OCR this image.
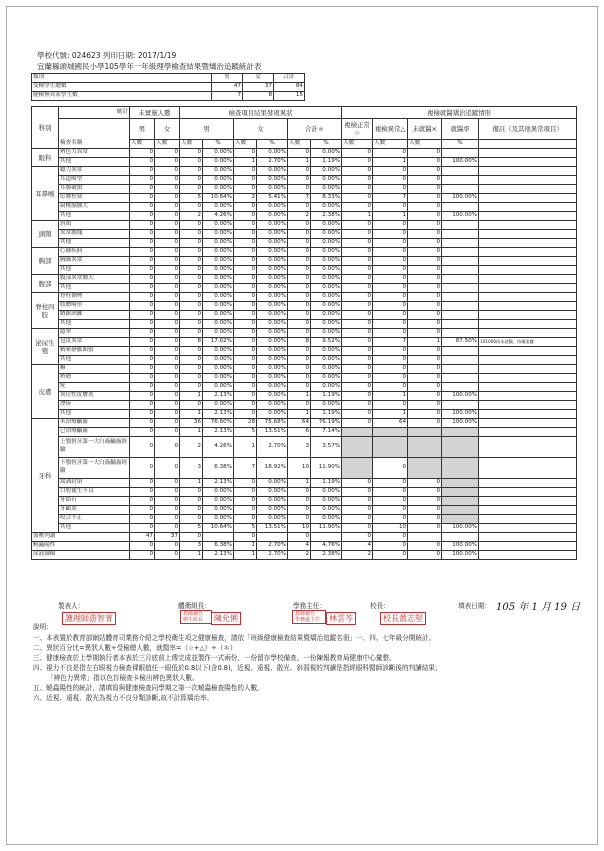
學校代號: 024623 列印日期: 2017/1/19
宜蘭縣頭城國民小學105學年一年級理學檢查結果暨矯治追蹤統計表
類別	男	女	合計
受檢學生總數	47	37	84
健檢無異狀學生數	7	8	15
科別	統計	未實施人數		檢查項目結果發現異狀						複檢就醫矯治追蹤情形				
	檢查名稱	男	女	男		女		合計＊		複檢正常☆	複檢異常△	未就醫×	就醫率	備註（及其他異常項目）
		人數	人數	人數	%	人數	%	人數	%	人數	人數	人數	%	
眼科	辨色力異常	0	0	0	0.00%	0	0.00%	0	0.00%	0	0	0		
	其他	0	0	0	0.00%	1	2.70%	1	1.19%	0	1	0	100.00%	
耳鼻喉	聽力異常	0	0	0	0.00%	0	0.00%	0	0.00%	0	0	0		
	耳道畸型	0	0	0	0.00%	0	0.00%	0	0.00%	0	0	0		
	耳膜破損	0	0	0	0.00%	0	0.00%	0	0.00%	0	0	0		
	耵聹栓塞	0	0	5	10.64%	2	5.41%	7	8.33%	0	7	0	100.00%	
	扁桃腺腫大	0	0	0	0.00%	0	0.00%	0	0.00%	0	0	0		
	其他	0	0	2	4.26%	0	0.00%	2	2.38%	1	1	0	100.00%	
頭頸	斜頸	0	0	0	0.00%	0	0.00%	0	0.00%	0	0	0		
	異常腫塊	0	0	0	0.00%	0	0.00%	0	0.00%	0	0	0		
	其他	0	0	0	0.00%	0	0.00%	0	0.00%	0	0	0		
胸部	心肺疾病	0	0	0	0.00%	0	0.00%	0	0.00%	0	0	0		
	胸廓異常	0	0	0	0.00%	0	0.00%	0	0.00%	0	0	0		
	其他	0	0	0	0.00%	0	0.00%	0	0.00%	0	0	0		
腹部	腹部異常腫大	0	0	0	0.00%	0	0.00%	0	0.00%	0	0	0		
	其他	0	0	0	0.00%	0	0.00%	0	0.00%	0	0	0		
脊柱四肢	脊柱側彎	0	0	0	0.00%	0	0.00%	0	0.00%	0	0	0		
	肢體畸形	0	0	0	0.00%	0	0.00%	0	0.00%	0	0	0		
	蹲踞困難	0	0	0	0.00%	0	0.00%	0	0.00%	0	0	0		
	其他	0	0	0	0.00%	0	0.00%	0	0.00%	0	0	0		
泌尿生殖	隱睪	0	0	0	0.00%	0	0.00%	0	0.00%	0	0	0		
	包皮異常	0	0	8	17.02%	0	0.00%	8	9.52%	0	7	1	87.50%	101006同未就醫，持續追蹤
	精索靜脈曲張	0	0	0	0.00%	0	0.00%	0	0.00%	0	0	0		
	其他	0	0	0	0.00%	0	0.00%	0	0.00%	0	0	0		
皮膚	癬	0	0	0	0.00%	0	0.00%	0	0.00%	0	0	0		
	疥瘡	0	0	0	0.00%	0	0.00%	0	0.00%	0	0	0		
	疣	0	0	0	0.00%	0	0.00%	0	0.00%	0	0	0		
	異位性皮膚炎	0	0	1	2.13%	0	0.00%	1	1.19%	0	1	0	100.00%	
	溼疹	0	0	0	0.00%	0	0.00%	0	0.00%	0	0	0		
	其他	0	0	1	2.13%	0	0.00%	1	1.19%	0	1	0	100.00%	
牙科	未治療齲齒	0	0	36	76.60%	28	75.68%	64	76.19%	0	64	0	100.00%	
	已治療齲齒	0	0	1	2.13%	5	13.51%	6	7.14%					
	上顎恆牙第一大臼齒齲齒經驗	0	0	2	4.26%	1	2.70%	3	3.57%					
	下顎恆牙第一大臼齒齲齒經驗	0	0	3	6.38%	7	18.92%	10	11.90%		0			
	窩溝封填	0	0	1	2.13%	0	0.00%	1	1.19%	0	0	0		
	口腔衛生不良	0	0	0	0.00%	0	0.00%	0	0.00%	0	0	0		
	牙結石	0	0	0	0.00%	0	0.00%	0	0.00%	0	0	0		
	牙齦炎	0	0	0	0.00%	0	0.00%	0	0.00%	0	0	0		
	咬合不正	0	0	0	0.00%	0	0.00%	0	0.00%	0	0	0		
	其他	0	0	5	10.64%	5	13.51%	10	11.90%	0	10	0	100.00%	
血壓判讀		47	37	0		0		0		0	0			
蟯蟲陽性		0	0	3	6.38%	1	2.70%	4	4.76%	4	0	0	100.00%	
尿液篩檢		0	0	1	2.13%	1	2.70%	2	2.38%	2	0	0	100.00%	
製表人：	體衛組長：	學務主任：	校長：	填表日期： 105 年 1 月 19 日
護理師游智菁	教師兼任
衛生組長	陳允俐	教師兼任
學務處主任	林雲芩	校長黃志堅
說明：
一、本表置於教育部網站體育司業務介紹之學校衛生項之健康檢查，請依「班級健康檢查結果暨矯治追蹤名冊」一、四、七年級分開統計。
二、異狀百分比=異狀人數÷受檢總人數，就醫率=（☆+△）÷（＊）
三、健康檢查於上學期執行者本表於三月底前上傳完成並製作一式兩份，一份留存學校備查，一份陳報教育局健康中心彙整。
四、視力不良是指左右眼視力檢查裸眼值任一眼低於0.8以下(含0.8)，近視、遠視、散光、斜弱視的判讀是指經眼科醫師診斷後的判讀結果；
「辨色力異常」指以色盲檢查卡檢出辨色異狀人數。
五、蟯蟲陽性的統計，請填寫與健康檢查同學期之第一次蟯蟲檢查陽性的人數。
六、近視、遠視、散光為視力不良分類診斷,故不計算矯治率。
